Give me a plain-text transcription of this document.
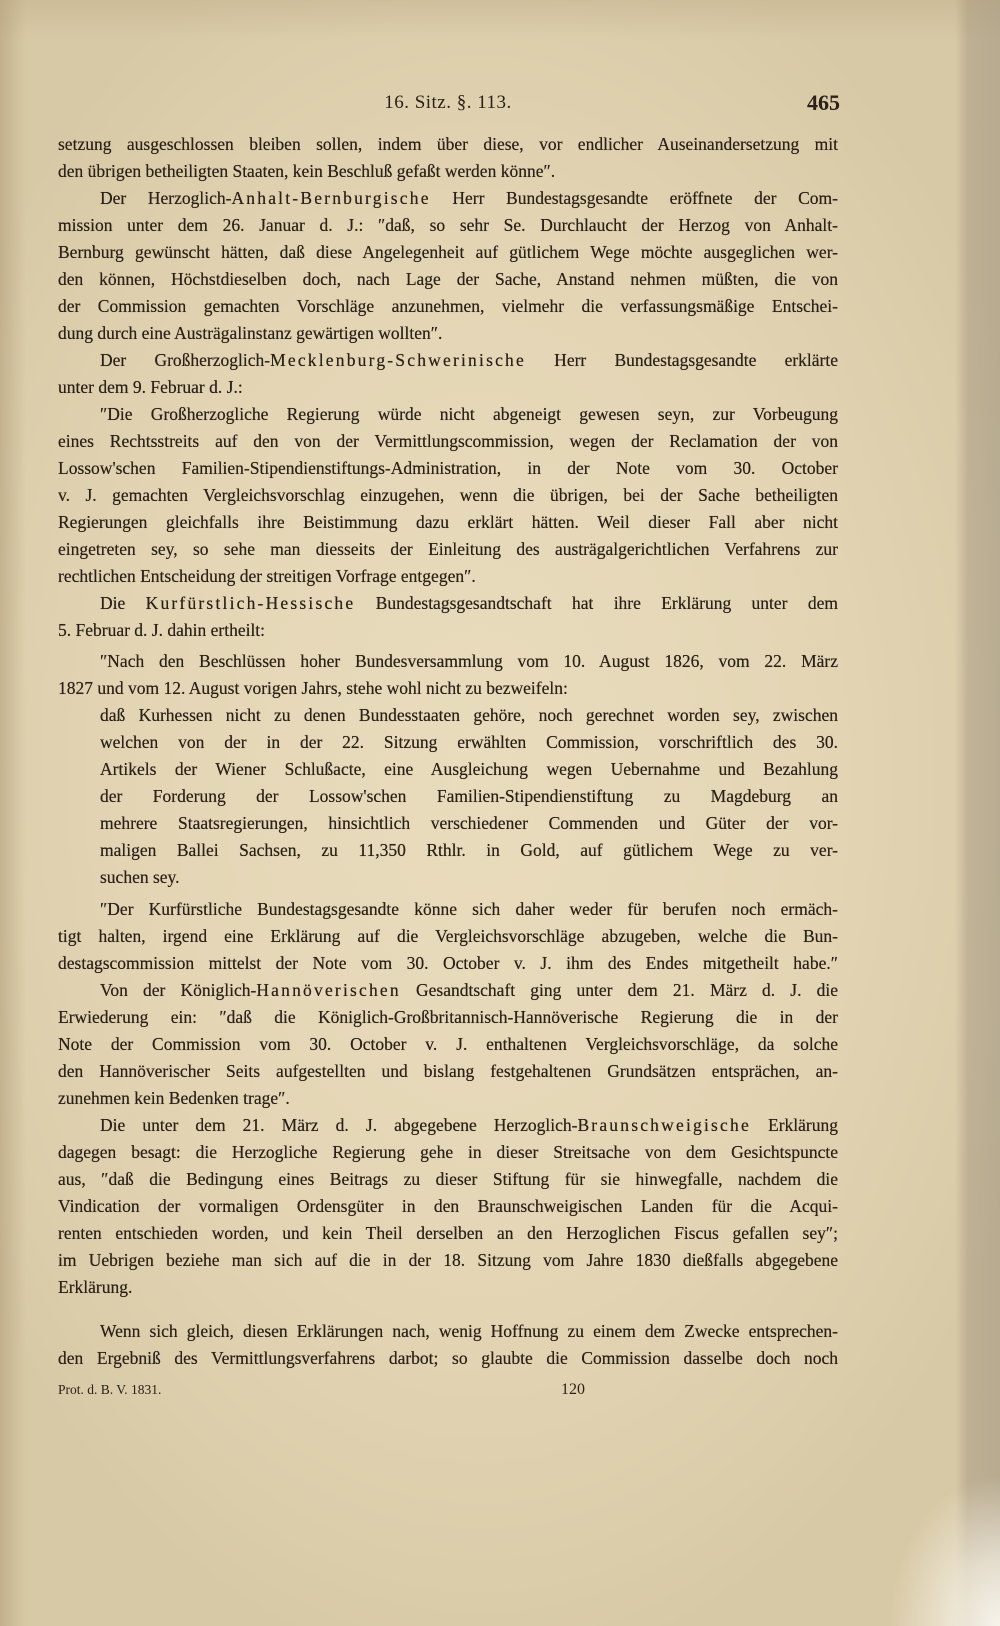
16. Sitz. §. 113.	465
setzung ausgeschlossen bleiben sollen, indem über diese, vor endlicher Auseinandersetzung mit
den übrigen betheiligten Staaten, kein Beschluß gefaßt werden könne″.
Der Herzoglich-Anhalt-Bernburgische Herr Bundestagsgesandte eröffnete der Com-
mission unter dem 26. Januar d. J.: ″daß, so sehr Se. Durchlaucht der Herzog von Anhalt-
Bernburg gewünscht hätten, daß diese Angelegenheit auf gütlichem Wege möchte ausgeglichen wer-
den können, Höchstdieselben doch, nach Lage der Sache, Anstand nehmen müßten, die von
der Commission gemachten Vorschläge anzunehmen, vielmehr die verfassungsmäßige Entschei-
dung durch eine Austrägalinstanz gewärtigen wollten″.
Der Großherzoglich-Mecklenburg-Schwerinische Herr Bundestagsgesandte erklärte
unter dem 9. Februar d. J.:
″Die Großherzogliche Regierung würde nicht abgeneigt gewesen seyn, zur Vorbeugung
eines Rechtsstreits auf den von der Vermittlungscommission, wegen der Reclamation der von
Lossow'schen Familien-Stipendienstiftungs-Administration, in der Note vom 30. October
v. J. gemachten Vergleichsvorschlag einzugehen, wenn die übrigen, bei der Sache betheiligten
Regierungen gleichfalls ihre Beistimmung dazu erklärt hätten. Weil dieser Fall aber nicht
eingetreten sey, so sehe man diesseits der Einleitung des austrägalgerichtlichen Verfahrens zur
rechtlichen Entscheidung der streitigen Vorfrage entgegen″.
Die Kurfürstlich-Hessische Bundestagsgesandtschaft hat ihre Erklärung unter dem
5. Februar d. J. dahin ertheilt:
″Nach den Beschlüssen hoher Bundesversammlung vom 10. August 1826, vom 22. März
1827 und vom 12. August vorigen Jahrs, stehe wohl nicht zu bezweifeln:
daß Kurhessen nicht zu denen Bundesstaaten gehöre, noch gerechnet worden sey, zwischen
welchen von der in der 22. Sitzung erwählten Commission, vorschriftlich des 30.
Artikels der Wiener Schlußacte, eine Ausgleichung wegen Uebernahme und Bezahlung
der Forderung der Lossow'schen Familien-Stipendienstiftung zu Magdeburg an
mehrere Staatsregierungen, hinsichtlich verschiedener Commenden und Güter der vor-
maligen Ballei Sachsen, zu 11,350 Rthlr. in Gold, auf gütlichem Wege zu ver-
suchen sey.
″Der Kurfürstliche Bundestagsgesandte könne sich daher weder für berufen noch ermäch-
tigt halten, irgend eine Erklärung auf die Vergleichsvorschläge abzugeben, welche die Bun-
destagscommission mittelst der Note vom 30. October v. J. ihm des Endes mitgetheilt habe.″
Von der Königlich-Hannöverischen Gesandtschaft ging unter dem 21. März d. J. die
Erwiederung ein: ″daß die Königlich-Großbritannisch-Hannöverische Regierung die in der
Note der Commission vom 30. October v. J. enthaltenen Vergleichsvorschläge, da solche
den Hannöverischer Seits aufgestellten und bislang festgehaltenen Grundsätzen entsprächen, an-
zunehmen kein Bedenken trage″.
Die unter dem 21. März d. J. abgegebene Herzoglich-Braunschweigische Erklärung
dagegen besagt: die Herzogliche Regierung gehe in dieser Streitsache von dem Gesichtspuncte
aus, ″daß die Bedingung eines Beitrags zu dieser Stiftung für sie hinwegfalle, nachdem die
Vindication der vormaligen Ordensgüter in den Braunschweigischen Landen für die Acqui-
renten entschieden worden, und kein Theil derselben an den Herzoglichen Fiscus gefallen sey″;
im Uebrigen beziehe man sich auf die in der 18. Sitzung vom Jahre 1830 dießfalls abgegebene
Erklärung.
Wenn sich gleich, diesen Erklärungen nach, wenig Hoffnung zu einem dem Zwecke entsprechen-
den Ergebniß des Vermittlungsverfahrens darbot; so glaubte die Commission dasselbe doch noch
Prot. d. B. V. 1831.	120
